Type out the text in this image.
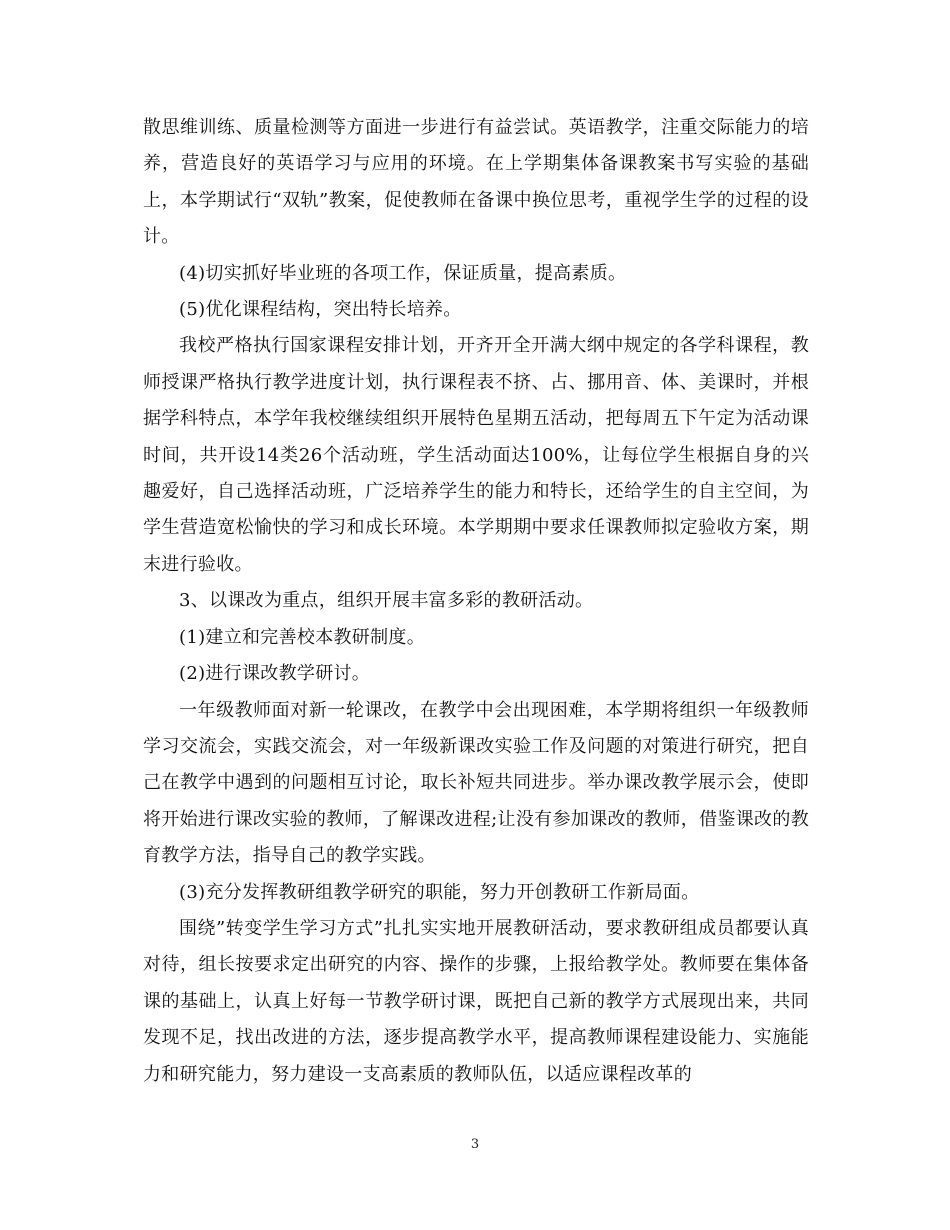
散思维训练、质量检测等方面进一步进行有益尝试。英语教学，注重交际能力的培养，营造良好的英语学习与应用的环境。在上学期集体备课教案书写实验的基础上，本学期试行“双轨”教案，促使教师在备课中换位思考，重视学生学的过程的设计。

(4)切实抓好毕业班的各项工作，保证质量，提高素质。

(5)优化课程结构，突出特长培养。

我校严格执行国家课程安排计划，开齐开全开满大纲中规定的各学科课程，教师授课严格执行教学进度计划，执行课程表不挤、占、挪用音、体、美课时，并根据学科特点，本学年我校继续组织开展特色星期五活动，把每周五下午定为活动课时间，共开设14类26个活动班，学生活动面达100%，让每位学生根据自身的兴趣爱好，自己选择活动班，广泛培养学生的能力和特长，还给学生的自主空间，为学生营造宽松愉快的学习和成长环境。本学期期中要求任课教师拟定验收方案，期末进行验收。

3、以课改为重点，组织开展丰富多彩的教研活动。

(1)建立和完善校本教研制度。

(2)进行课改教学研讨。

一年级教师面对新一轮课改，在教学中会出现困难，本学期将组织一年级教师学习交流会，实践交流会，对一年级新课改实验工作及问题的对策进行研究，把自己在教学中遇到的问题相互讨论，取长补短共同进步。举办课改教学展示会，使即将开始进行课改实验的教师，了解课改进程;让没有参加课改的教师，借鉴课改的教育教学方法，指导自己的教学实践。

(3)充分发挥教研组教学研究的职能，努力开创教研工作新局面。

围绕”转变学生学习方式”扎扎实实地开展教研活动，要求教研组成员都要认真对待，组长按要求定出研究的内容、操作的步骤，上报给教学处。教师要在集体备课的基础上，认真上好每一节教学研讨课，既把自己新的教学方式展现出来，共同发现不足，找出改进的方法，逐步提高教学水平，提高教师课程建设能力、实施能力和研究能力，努力建设一支高素质的教师队伍，以适应课程改革的

3
